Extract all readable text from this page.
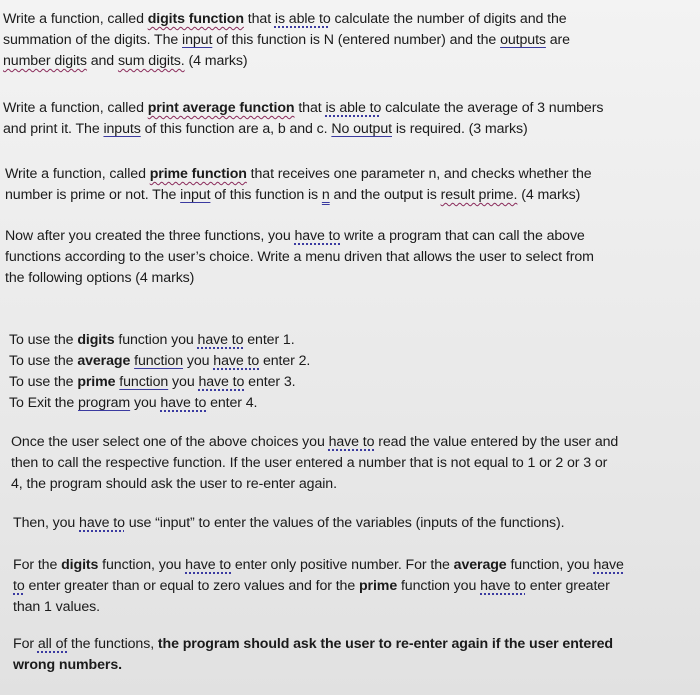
Write a function, called digits function that is able to calculate the number of digits and the
summation of the digits. The input of this function is N (entered number) and the outputs are
number digits and sum digits. (4 marks)
Write a function, called print average function that is able to calculate the average of 3 numbers
and print it. The inputs of this function are a, b and c. No output is required. (3 marks)
Write a function, called prime function that receives one parameter n, and checks whether the
number is prime or not. The input of this function is n and the output is result prime. (4 marks)
Now after you created the three functions, you have to write a program that can call the above
functions according to the user’s choice. Write a menu driven that allows the user to select from
the following options (4 marks)
To use the digits function you have to enter 1.
To use the average function you have to enter 2.
To use the prime function you have to enter 3.
To Exit the program you have to enter 4.
Once the user select one of the above choices you have to read the value entered by the user and
then to call the respective function. If the user entered a number that is not equal to 1 or 2 or 3 or
4, the program should ask the user to re-enter again.
Then, you have to use “input” to enter the values of the variables (inputs of the functions).
For the digits function, you have to enter only positive number. For the average function, you have
to enter greater than or equal to zero values and for the prime function you have to enter greater
than 1 values.
For all of the functions, the program should ask the user to re-enter again if the user entered
wrong numbers.
